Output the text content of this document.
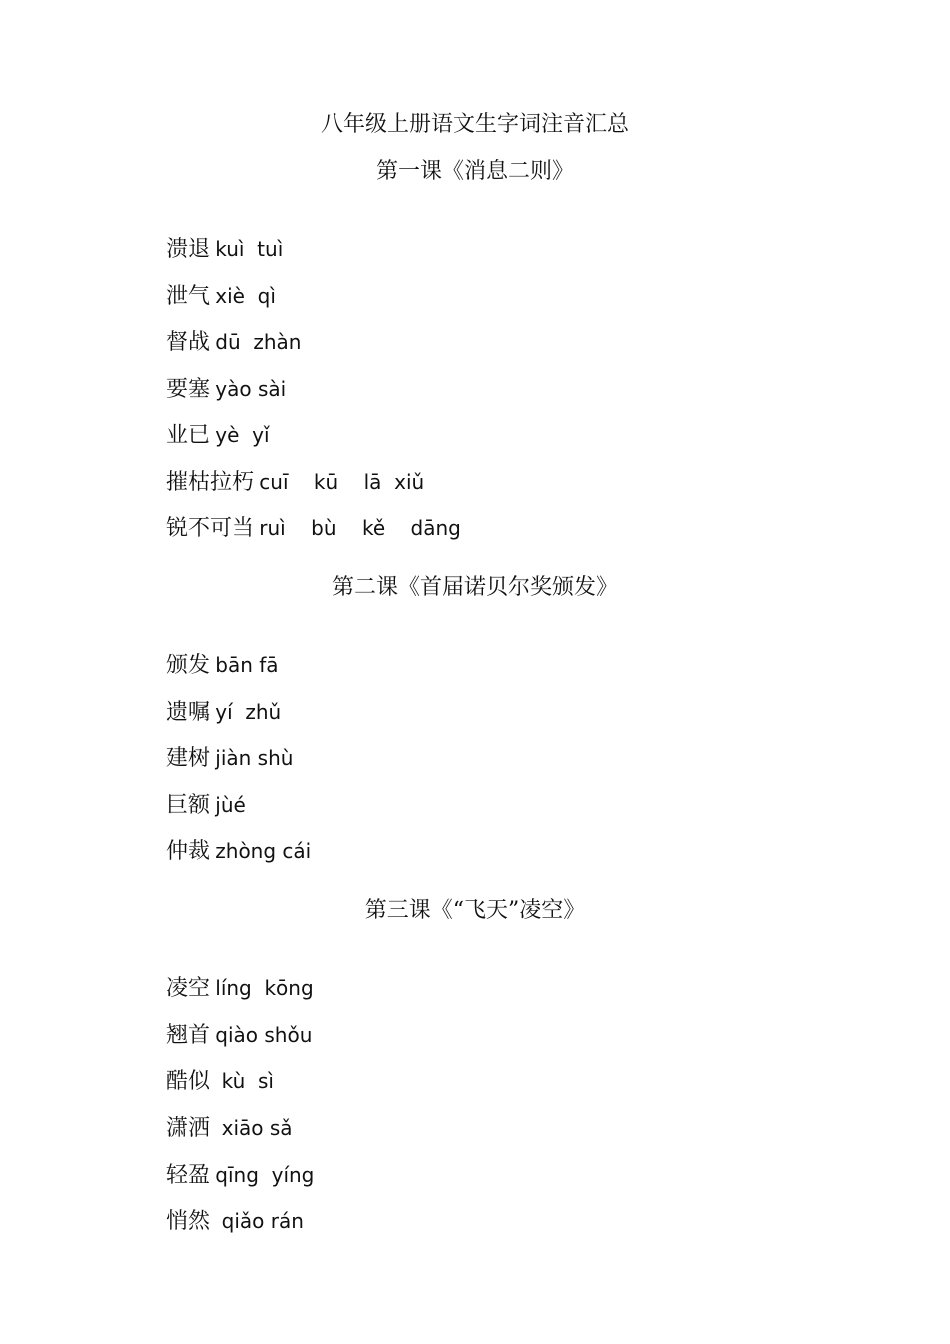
八年级上册语文生字词注音汇总
第一课《消息二则》

溃退 kuì  tuì

泄气 xiè  qì

督战 dū  zhàn

要塞 yào sài

业已 yè  yǐ

摧枯拉朽 cuī    kū    lā  xiǔ

锐不可当 ruì    bù    kě    dāng

第二课《首届诺贝尔奖颁发》

颁发 bān fā

遗嘱 yí  zhǔ

建树 jiàn shù

巨额 jùé

仲裁 zhòng cái

第三课《“飞天”凌空》

凌空 líng  kōng

翘首 qiào shǒu

酷似  kù  sì

潇洒  xiāo sǎ

轻盈 qīng  yíng

悄然  qiǎo rán
